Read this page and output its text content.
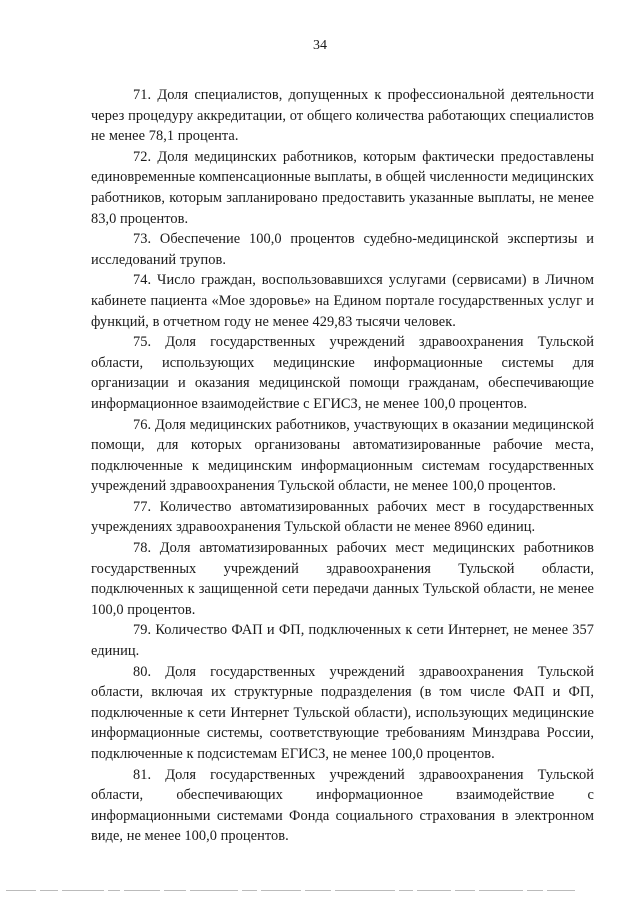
34

71. Доля специалистов, допущенных к профессиональной деятельности через процедуру аккредитации, от общего количества работающих специалистов не менее 78,1 процента.

72. Доля медицинских работников, которым фактически предоставлены единовременные компенсационные выплаты, в общей численности медицинских работников, которым запланировано предоставить указанные выплаты, не менее 83,0 процентов.

73. Обеспечение 100,0 процентов судебно-медицинской экспертизы и исследований трупов.

74. Число граждан, воспользовавшихся услугами (сервисами) в Личном кабинете пациента «Мое здоровье» на Едином портале государственных услуг и функций, в отчетном году не менее 429,83 тысячи человек.

75. Доля государственных учреждений здравоохранения Тульской области, использующих медицинские информационные системы для организации и оказания медицинской помощи гражданам, обеспечивающие информационное взаимодействие с ЕГИСЗ, не менее 100,0 процентов.

76. Доля медицинских работников, участвующих в оказании медицинской помощи, для которых организованы автоматизированные рабочие места, подключенные к медицинским информационным системам государственных учреждений здравоохранения Тульской области, не менее 100,0 процентов.

77. Количество автоматизированных рабочих мест в государственных учреждениях здравоохранения Тульской области не менее 8960 единиц.

78. Доля автоматизированных рабочих мест медицинских работников государственных учреждений здравоохранения Тульской области, подключенных к защищенной сети передачи данных Тульской области, не менее 100,0 процентов.

79. Количество ФАП и ФП, подключенных к сети Интернет, не менее 357 единиц.

80. Доля государственных учреждений здравоохранения Тульской области, включая их структурные подразделения (в том числе ФАП и ФП, подключенные к сети Интернет Тульской области), использующих медицинские информационные системы, соответствующие требованиям Минздрава России, подключенные к подсистемам ЕГИСЗ, не менее 100,0 процентов.

81. Доля государственных учреждений здравоохранения Тульской области, обеспечивающих информационное взаимодействие с информационными системами Фонда социального страхования в электронном виде, не менее 100,0 процентов.
